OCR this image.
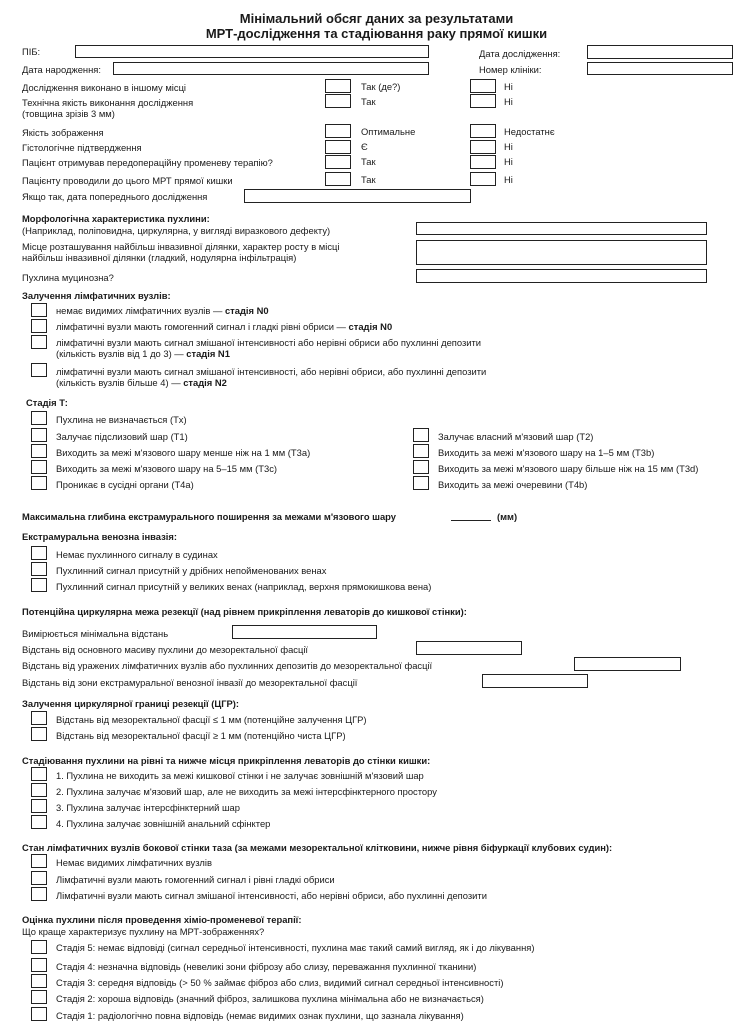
Мінімальний обсяг даних за результатами
МРТ-дослідження та стадіювання раку прямої кишки
ПІБ:	Дата дослідження:
Дата народження:	Номер клініки:
Дослідження виконано в іншому місці	Так (де?)	Ні
Технічна якість виконання дослідження
(товщина зрізів 3 мм)
Так	Ні
Якість зображення	Оптимальне	Недостатнє
Гістологічне підтвердження	Є	Ні
Пацієнт отримував передопераційну променеву терапію?	Так	Ні
Пацієнту проводили до цього МРТ прямої кишки	Так	Ні
Якщо так, дата попереднього дослідження
Морфологічна характеристика пухлини:
(Наприклад, поліповидна, циркулярна, у вигляді виразкового дефекту)
Місце розташування найбільш інвазивної ділянки, характер росту в місці
найбільш інвазивної ділянки (гладкий, нодулярна інфільтрація)
Пухлина муцинозна?
Залучення лімфатичних вузлів:
немає видимих лімфатичних вузлів — стадія N0
лімфатичні вузли мають гомогенний сигнал і гладкі рівні обриси — стадія N0
лімфатичні вузли мають сигнал змішаної інтенсивності або нерівні обриси або пухлинні депозити
(кількість вузлів від 1 до 3) — стадія N1
лімфатичні вузли мають сигнал змішаної інтенсивності, або нерівні обриси, або пухлинні депозити
(кількість вузлів більше 4) — стадія N2
Стадія Т:
Пухлина не визначається (Tx)
Залучає підслизовий шар (T1)	Залучає власний м'язовий шар (T2)
Виходить за межі м'язового шару менше ніж на 1 мм (T3a)	Виходить за межі м'язового шару на 1–5 мм (T3b)
Виходить за межі м'язового шару на 5–15 мм (T3c)	Виходить за межі м'язового шару більше ніж на 15 мм (T3d)
Проникає в сусідні органи (T4a)	Виходить за межі очеревини (T4b)
Максимальна глибина екстрамурального поширення за межами м'язового шару	(мм)
Екстрамуральна венозна інвазія:
Немає пухлинного сигналу в судинах
Пухлинний сигнал присутній у дрібних непойменованих венах
Пухлинний сигнал присутній у великих венах (наприклад, верхня прямокишкова вена)
Потенційна циркулярна межа резекції (над рівнем прикріплення леваторів до кишкової стінки):
Вимірюється мінімальна відстань
Відстань від основного масиву пухлини до мезоректальної фасції
Відстань від уражених лімфатичних вузлів або пухлинних депозитів до мезоректальної фасції
Відстань від зони екстрамуральної венозної інвазії до мезоректальної фасції
Залучення циркулярної границі резекції (ЦГР):
Відстань від мезоректальної фасції ≤ 1 мм (потенційне залучення ЦГР)
Відстань від мезоректальної фасції ≥ 1 мм (потенційно чиста ЦГР)
Стадіювання пухлини на рівні та нижче місця прикріплення леваторів до стінки кишки:
1. Пухлина не виходить за межі кишкової стінки і не залучає зовнішній м'язовий шар
2. Пухлина залучає м'язовий шар, але не виходить за межі інтерсфінктерного простору
3. Пухлина залучає інтерсфінктерний шар
4. Пухлина залучає зовнішній анальний сфінктер
Стан лімфатичних вузлів бокової стінки таза (за межами мезоректальної клітковини, нижче рівня біфуркації клубових судин):
Немає видимих лімфатичних вузлів
Лімфатичні вузли мають гомогенний сигнал і рівні гладкі обриси
Лімфатичні вузли мають сигнал змішаної інтенсивності, або нерівні обриси, або пухлинні депозити
Оцінка пухлини після проведення хіміо-променевої терапії:
Що краще характеризує пухлину на МРТ-зображеннях?
Стадія 5: немає відповіді (сигнал середньої інтенсивності, пухлина має такий самий вигляд, як і до лікування)
Стадія 4: незначна відповідь (невеликі зони фіброзу або слизу, переважання пухлинної тканини)
Стадія 3: середня відповідь (> 50 % займає фіброз або слиз, видимий сигнал середньої інтенсивності)
Стадія 2: хороша відповідь (значний фіброз, залишкова пухлина мінімальна або не визначається)
Стадія 1: радіологічно повна відповідь (немає видимих ознак пухлини, що зазнала лікування)
